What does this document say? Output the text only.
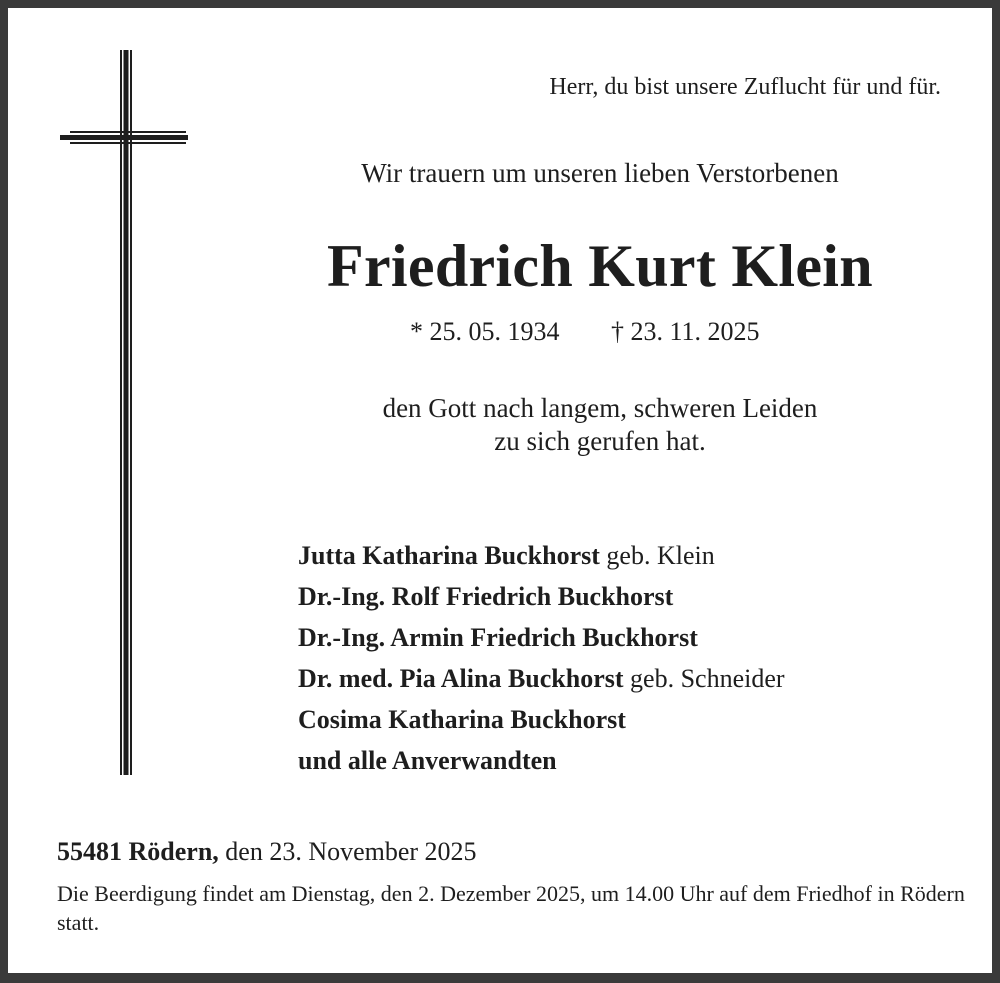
Herr, du bist unsere Zuflucht für und für.
Wir trauern um unseren lieben Verstorbenen
Friedrich Kurt Klein
* 25. 05. 1934 † 23. 11. 2025
den Gott nach langem, schweren Leiden
zu sich gerufen hat.
Jutta Katharina Buckhorst geb. Klein
Dr.-Ing. Rolf Friedrich Buckhorst
Dr.-Ing. Armin Friedrich Buckhorst
Dr. med. Pia Alina Buckhorst geb. Schneider
Cosima Katharina Buckhorst
und alle Anverwandten
55481 Rödern, den 23. November 2025
Die Beerdigung findet am Dienstag, den 2. Dezember 2025, um 14.00 Uhr auf dem Friedhof in Rödern statt.
